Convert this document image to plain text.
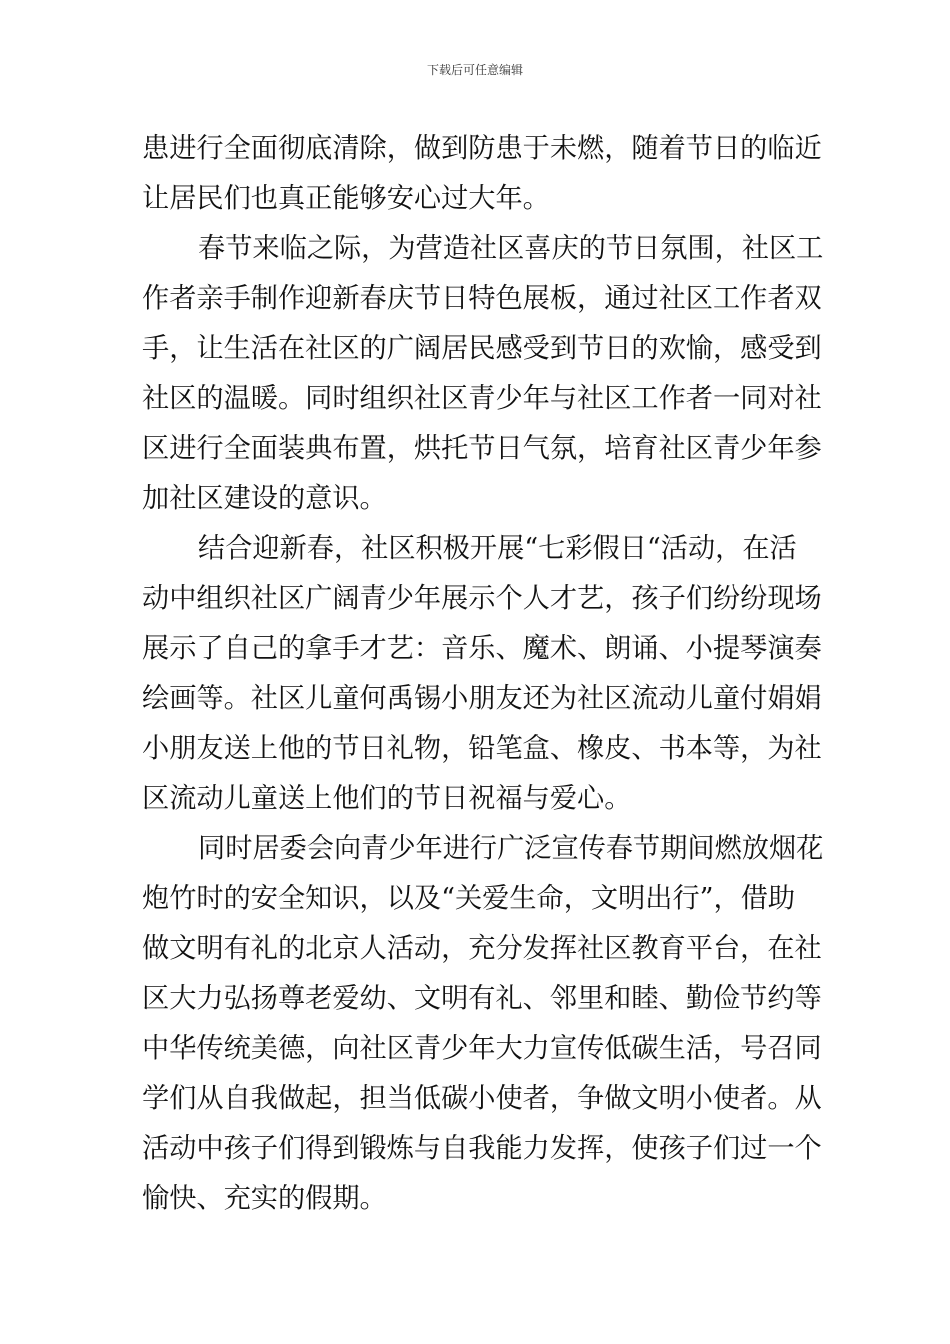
下载后可任意编辑
患进行全面彻底清除，做到防患于未燃，随着节日的临近
让居民们也真正能够安心过大年。
春节来临之际，为营造社区喜庆的节日氛围，社区工
作者亲手制作迎新春庆节日特色展板，通过社区工作者双
手，让生活在社区的广阔居民感受到节日的欢愉，感受到
社区的温暖。同时组织社区青少年与社区工作者一同对社
区进行全面装典布置，烘托节日气氛，培育社区青少年参
加社区建设的意识。
结合迎新春，社区积极开展“七彩假日“活动，在活
动中组织社区广阔青少年展示个人才艺，孩子们纷纷现场
展示了自己的拿手才艺：音乐、魔术、朗诵、小提琴演奏
绘画等。社区儿童何禹锡小朋友还为社区流动儿童付娟娟
小朋友送上他的节日礼物，铅笔盒、橡皮、书本等，为社
区流动儿童送上他们的节日祝福与爱心。
同时居委会向青少年进行广泛宣传春节期间燃放烟花
炮竹时的安全知识，以及“关爱生命，文明出行”，借助
做文明有礼的北京人活动，充分发挥社区教育平台，在社
区大力弘扬尊老爱幼、文明有礼、邻里和睦、勤俭节约等
中华传统美德，向社区青少年大力宣传低碳生活，号召同
学们从自我做起，担当低碳小使者，争做文明小使者。从
活动中孩子们得到锻炼与自我能力发挥，使孩子们过一个
愉快、充实的假期。
